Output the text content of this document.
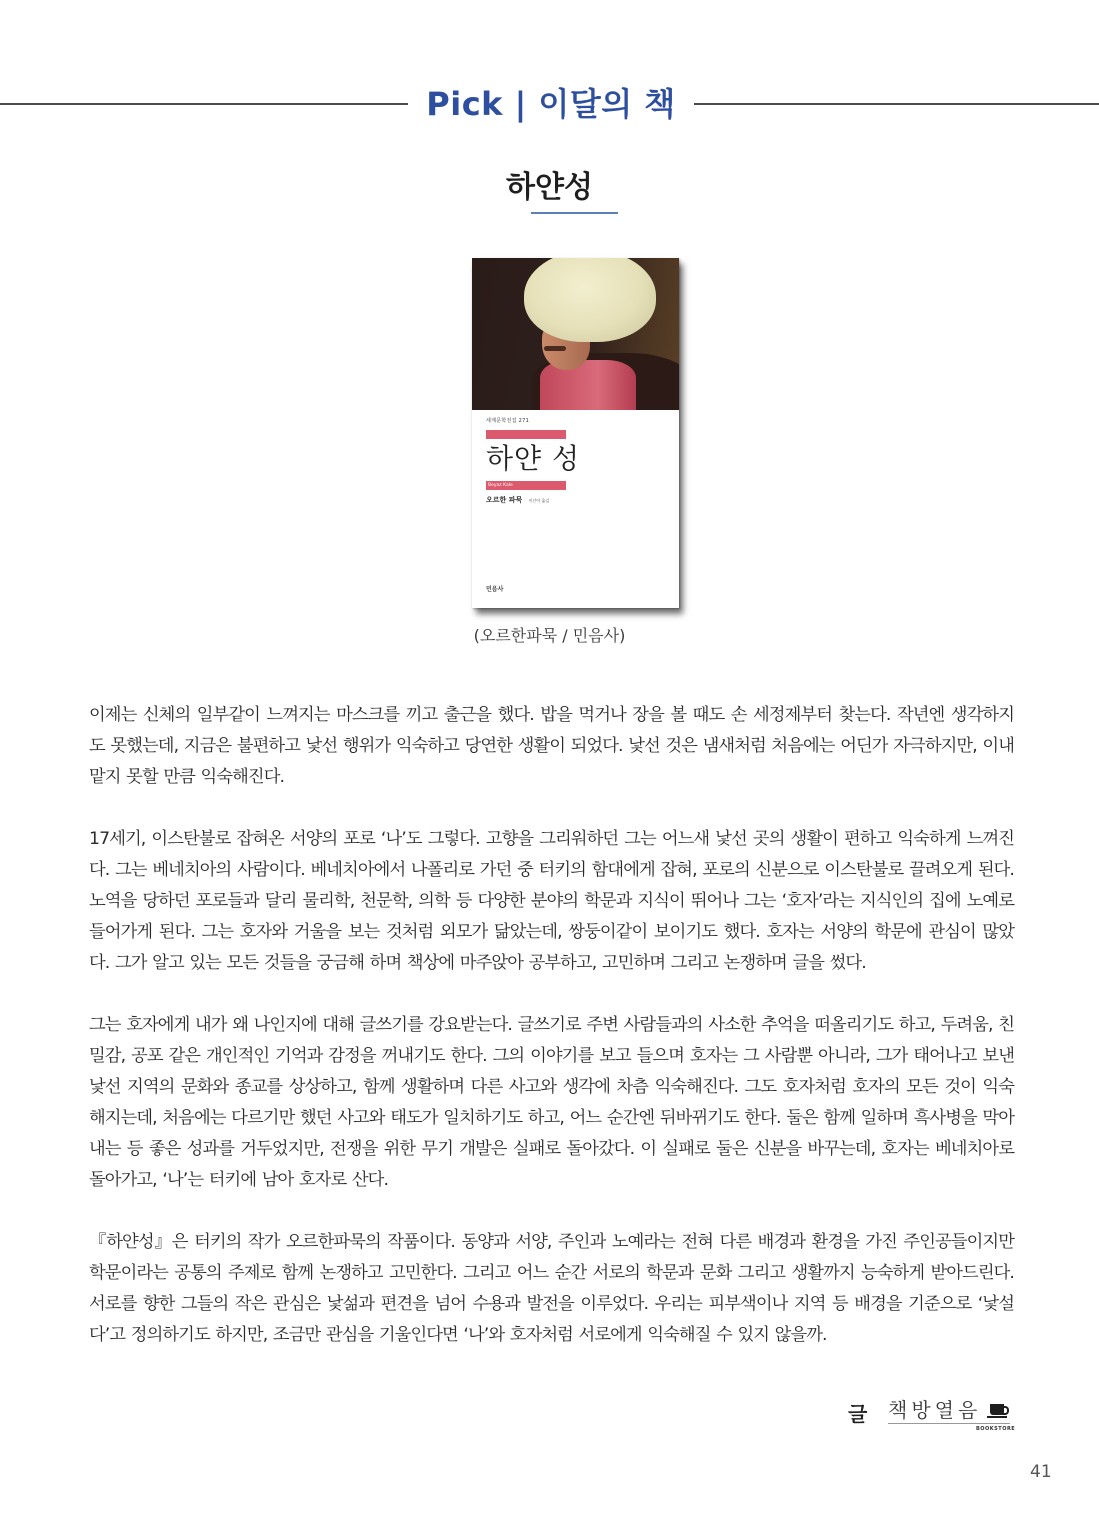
Pick | 이달의 책
하얀성
세계문학전집 271
하얀 성
Beyaz Kale
오르한 파묵 이난아 옮김
민음사
(오르한파묵 / 민음사)

이제는 신체의 일부같이 느껴지는 마스크를 끼고 출근을 했다. 밥을 먹거나 장을 볼 때도 손 세정제부터 찾는다. 작년엔 생각하지도 못했는데, 지금은 불편하고 낯선 행위가 익숙하고 당연한 생활이 되었다. 낯선 것은 냄새처럼 처음에는 어딘가 자극하지만, 이내 맡지 못할 만큼 익숙해진다.

17세기, 이스탄불로 잡혀온 서양의 포로 ‘나’도 그렇다. 고향을 그리워하던 그는 어느새 낯선 곳의 생활이 편하고 익숙하게 느껴진다. 그는 베네치아의 사람이다. 베네치아에서 나폴리로 가던 중 터키의 함대에게 잡혀, 포로의 신분으로 이스탄불로 끌려오게 된다. 노역을 당하던 포로들과 달리 물리학, 천문학, 의학 등 다양한 분야의 학문과 지식이 뛰어나 그는 ‘호자’라는 지식인의 집에 노예로 들어가게 된다. 그는 호자와 거울을 보는 것처럼 외모가 닮았는데, 쌍둥이같이 보이기도 했다. 호자는 서양의 학문에 관심이 많았다. 그가 알고 있는 모든 것들을 궁금해 하며 책상에 마주앉아 공부하고, 고민하며 그리고 논쟁하며 글을 썼다.

그는 호자에게 내가 왜 나인지에 대해 글쓰기를 강요받는다. 글쓰기로 주변 사람들과의 사소한 추억을 떠올리기도 하고, 두려움, 친밀감, 공포 같은 개인적인 기억과 감정을 꺼내기도 한다. 그의 이야기를 보고 들으며 호자는 그 사람뿐 아니라, 그가 태어나고 보낸 낯선 지역의 문화와 종교를 상상하고, 함께 생활하며 다른 사고와 생각에 차츰 익숙해진다. 그도 호자처럼 호자의 모든 것이 익숙해지는데, 처음에는 다르기만 했던 사고와 태도가 일치하기도 하고, 어느 순간엔 뒤바뀌기도 한다. 둘은 함께 일하며 흑사병을 막아내는 등 좋은 성과를 거두었지만, 전쟁을 위한 무기 개발은 실패로 돌아갔다. 이 실패로 둘은 신분을 바꾸는데, 호자는 베네치아로 돌아가고, ‘나’는 터키에 남아 호자로 산다.

『하얀성』은 터키의 작가 오르한파묵의 작품이다. 동양과 서양, 주인과 노예라는 전혀 다른 배경과 환경을 가진 주인공들이지만 학문이라는 공통의 주제로 함께 논쟁하고 고민한다. 그리고 어느 순간 서로의 학문과 문화 그리고 생활까지 능숙하게 받아드린다. 서로를 향한 그들의 작은 관심은 낯섦과 편견을 넘어 수용과 발전을 이루었다. 우리는 피부색이나 지역 등 배경을 기준으로 ‘낯설다’고 정의하기도 하지만, 조금만 관심을 기울인다면 ‘나’와 호자처럼 서로에게 익숙해질 수 있지 않을까.

글 책방열음
BOOKSTORE
41
